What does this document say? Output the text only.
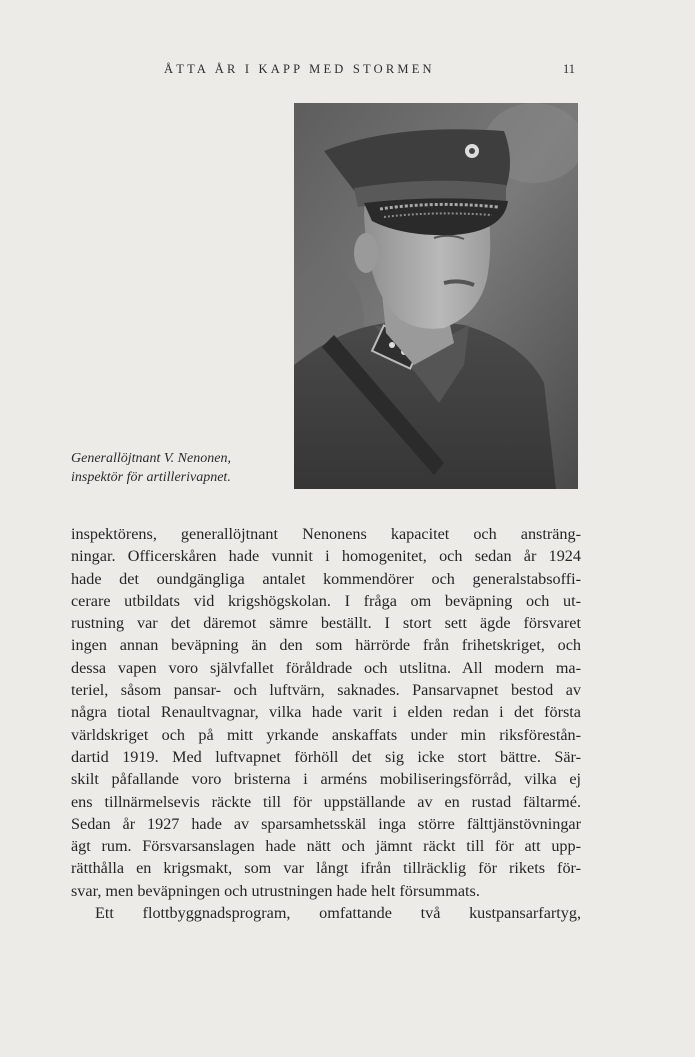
ÅTTA ÅR I KAPP MED STORMEN	11
Generallöjtnant V. Nenonen,
inspektör för artillerivapnet.
inspektörens, generallöjtnant Nenonens kapacitet och ansträng-
ningar. Officerskåren hade vunnit i homogenitet, och sedan år 1924
hade det oundgängliga antalet kommendörer och generalstabsoffi-
cerare utbildats vid krigshögskolan. I fråga om beväpning och ut-
rustning var det däremot sämre beställt. I stort sett ägde försvaret
ingen annan beväpning än den som härrörde från frihetskriget, och
dessa vapen voro självfallet föråldrade och utslitna. All modern ma-
teriel, såsom pansar- och luftvärn, saknades. Pansarvapnet bestod av
några tiotal Renaultvagnar, vilka hade varit i elden redan i det första
världskriget och på mitt yrkande anskaffats under min riksförestån-
dartid 1919. Med luftvapnet förhöll det sig icke stort bättre. Sär-
skilt påfallande voro bristerna i arméns mobiliseringsförråd, vilka ej
ens tillnärmelsevis räckte till för uppställande av en rustad fältarmé.
Sedan år 1927 hade av sparsamhetsskäl inga större fälttjänstövningar
ägt rum. Försvarsanslagen hade nätt och jämnt räckt till för att upp-
rätthålla en krigsmakt, som var långt ifrån tillräcklig för rikets för-
svar, men beväpningen och utrustningen hade helt försummats.
Ett flottbyggnadsprogram, omfattande två kustpansarfartyg,
